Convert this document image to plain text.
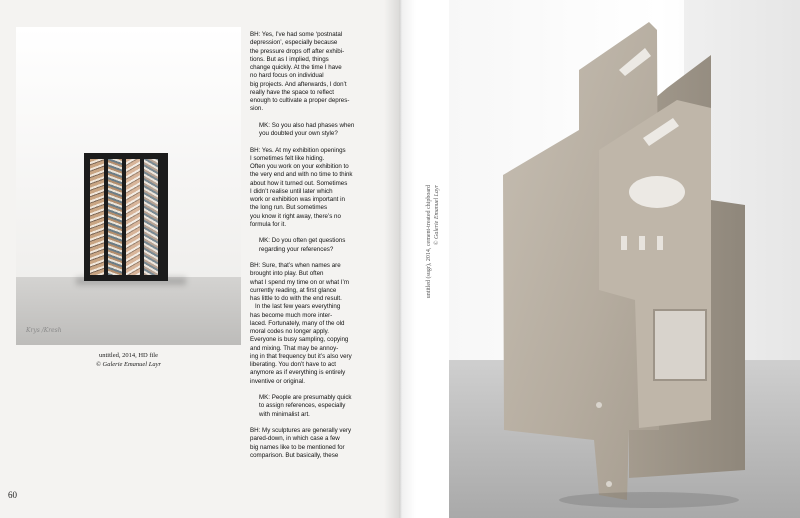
Krys /Kresh
untitled, 2014, HD file
© Galerie Emanuel Layr
60
BH: Yes, I’ve had some ‘postnatal
depression’, especially because
the pressure drops off after exhibi-
tions. But as I implied, things
change quickly. At the time I have
no hard focus on individual
big projects. And afterwards, I don’t
really have the space to reflect
enough to cultivate a proper depres-
sion.
MK: So you also had phases when
you doubted your own style?
BH: Yes. At my exhibition openings
I sometimes felt like hiding.
Often you work on your exhibition to
the very end and with no time to think
about how it turned out. Sometimes
I didn’t realise until later which
work or exhibition was important in
the long run. But sometimes
you know it right away, there’s no
formula for it.
MK: Do you often get questions
regarding your references?
BH: Sure, that’s when names are
brought into play. But often
what I spend my time on or what I’m
currently reading, at first glance
has little to do with the end result.
In the last few years everything
has become much more inter-
laced. Fortunately, many of the old
moral codes no longer apply.
Everyone is busy sampling, copying
and mixing. That may be annoy-
ing in that frequency but it’s also very
liberating. You don’t have to act
anymore as if everything is entirely
inventive or original.
MK: People are presumably quick
to assign references, especially
with minimalist art.
BH: My sculptures are generally very
pared-down, in which case a few
big names like to be mentioned for
comparison. But basically, these
untitled (sugr), 2014, cement-treated chipboard © Galerie Emanuel Layr
